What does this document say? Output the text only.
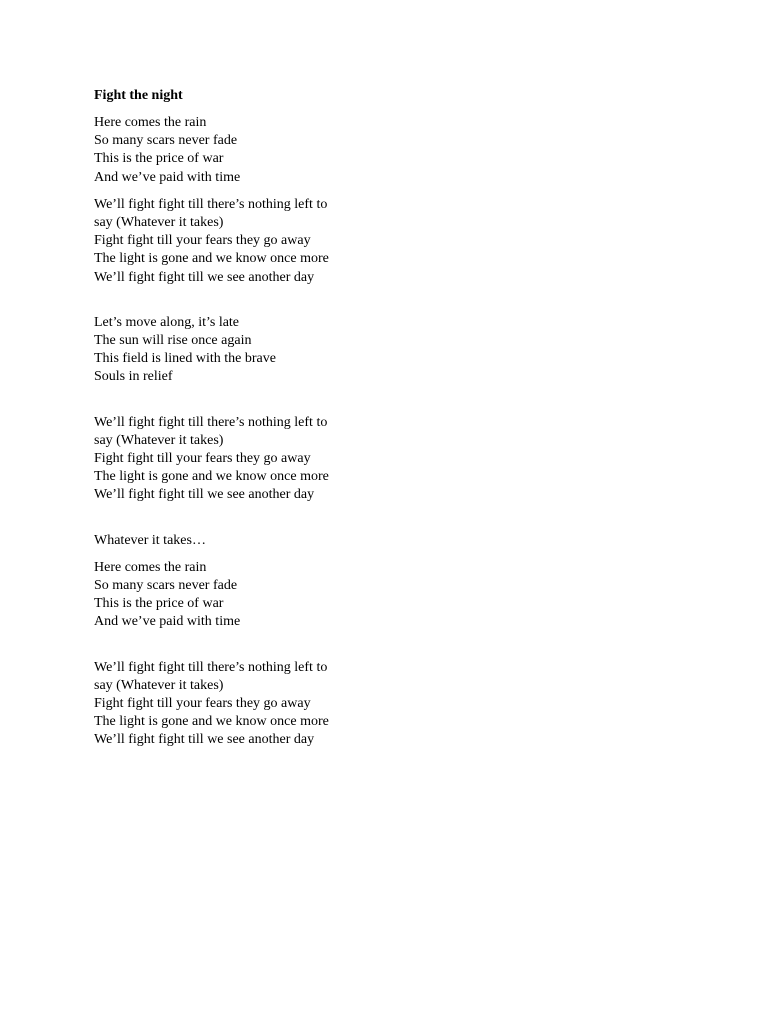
Fight the night
Here comes the rain
So many scars never fade
This is the price of war
And we’ve paid with time
We’ll fight fight till there’s nothing left to
say (Whatever it takes)
Fight fight till your fears they go away
The light is gone and we know once more
We’ll fight fight till we see another day
Let’s move along, it’s late
The sun will rise once again
This field is lined with the brave
Souls in relief
We’ll fight fight till there’s nothing left to
say (Whatever it takes)
Fight fight till your fears they go away
The light is gone and we know once more
We’ll fight fight till we see another day
Whatever it takes…
Here comes the rain
So many scars never fade
This is the price of war
And we’ve paid with time
We’ll fight fight till there’s nothing left to
say (Whatever it takes)
Fight fight till your fears they go away
The light is gone and we know once more
We’ll fight fight till we see another day
